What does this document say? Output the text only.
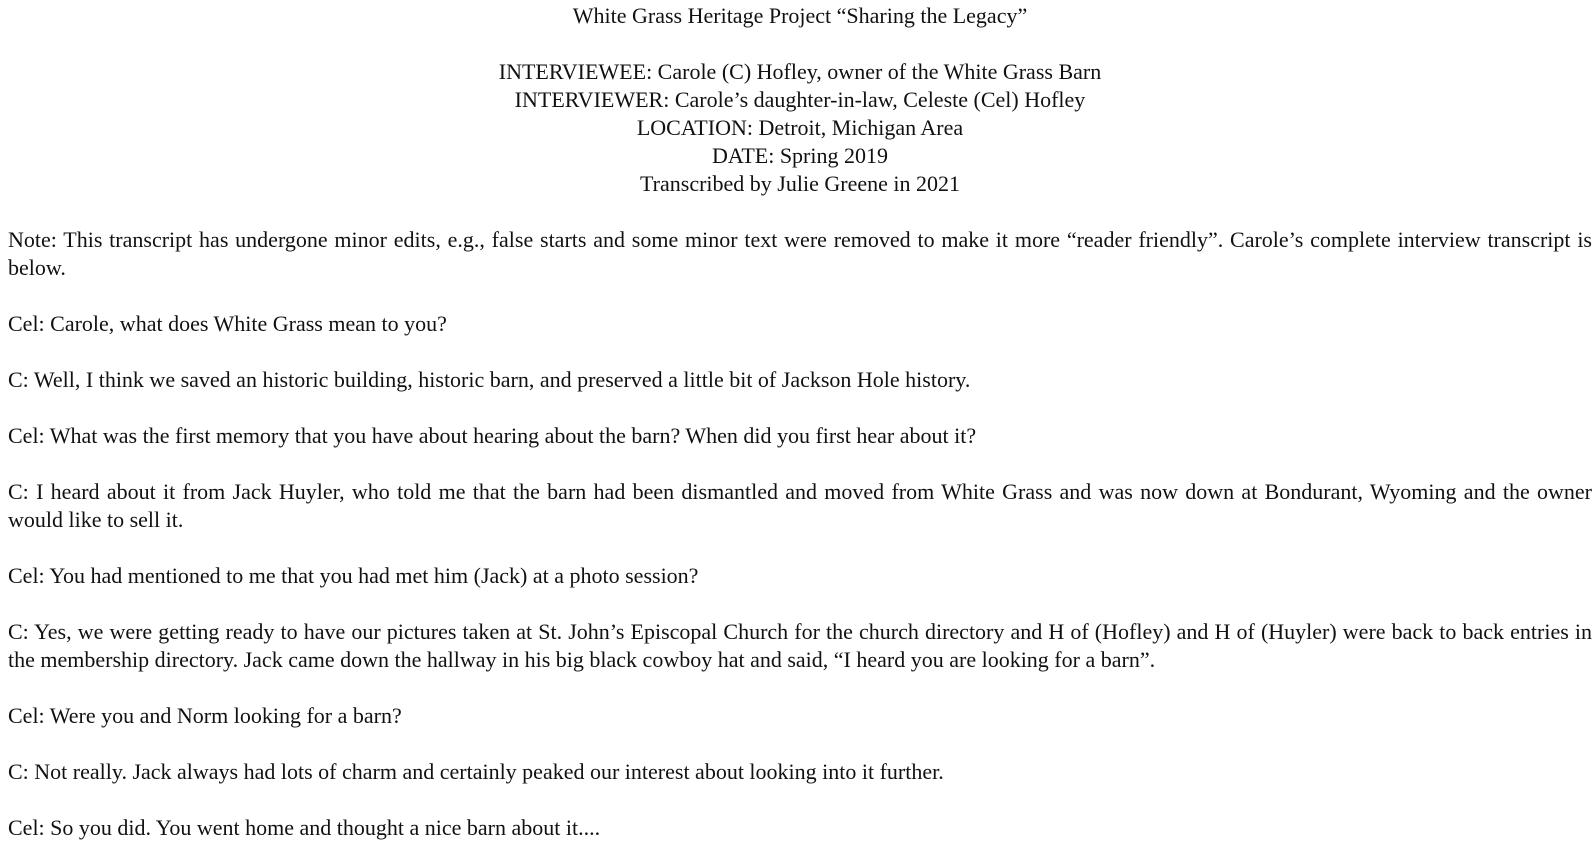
White Grass Heritage Project “Sharing the Legacy”
INTERVIEWEE: Carole (C) Hofley, owner of the White Grass Barn
INTERVIEWER: Carole’s daughter-in-law, Celeste (Cel) Hofley
LOCATION: Detroit, Michigan Area
DATE: Spring 2019
Transcribed by Julie Greene in 2021

Note: This transcript has undergone minor edits, e.g., false starts and some minor text were removed to make it more “reader friendly”. Carole’s complete interview transcript is below.

Cel: Carole, what does White Grass mean to you?

C: Well, I think we saved an historic building, historic barn, and preserved a little bit of Jackson Hole history.

Cel: What was the first memory that you have about hearing about the barn? When did you first hear about it?

C: I heard about it from Jack Huyler, who told me that the barn had been dismantled and moved from White Grass and was now down at Bondurant, Wyoming and the owner would like to sell it.

Cel: You had mentioned to me that you had met him (Jack) at a photo session?

C: Yes, we were getting ready to have our pictures taken at St. John’s Episcopal Church for the church directory and H of (Hofley) and H of (Huyler) were back to back entries in the membership directory. Jack came down the hallway in his big black cowboy hat and said, “I heard you are looking for a barn”.

Cel: Were you and Norm looking for a barn?

C: Not really. Jack always had lots of charm and certainly peaked our interest about looking into it further.

Cel: So you did. You went home and thought a nice barn about it....
